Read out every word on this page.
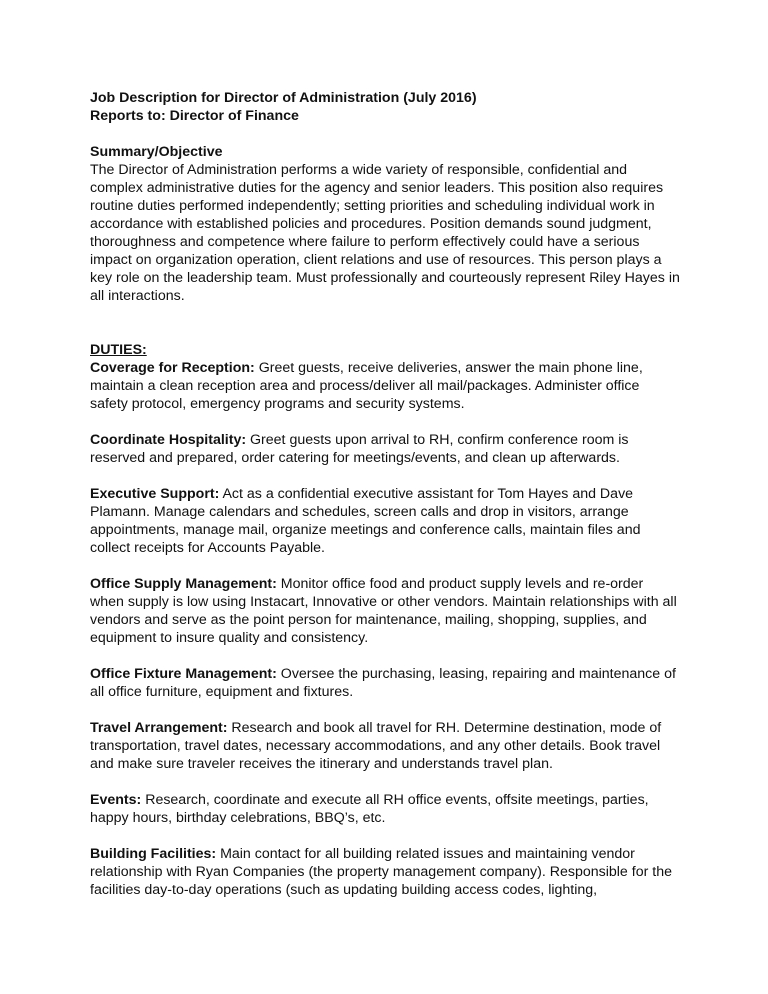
Job Description for Director of Administration (July 2016)

Reports to: Director of Finance

Summary/Objective

The Director of Administration performs a wide variety of responsible, confidential and complex administrative duties for the agency and senior leaders. This position also requires routine duties performed independently; setting priorities and scheduling individual work in accordance with established policies and procedures. Position demands sound judgment, thoroughness and competence where failure to perform effectively could have a serious impact on organization operation, client relations and use of resources. This person plays a key role on the leadership team. Must professionally and courteously represent Riley Hayes in all interactions.

DUTIES:

Coverage for Reception: Greet guests, receive deliveries, answer the main phone line, maintain a clean reception area and process/deliver all mail/packages. Administer office safety protocol, emergency programs and security systems.

Coordinate Hospitality: Greet guests upon arrival to RH, confirm conference room is reserved and prepared, order catering for meetings/events, and clean up afterwards.

Executive Support: Act as a confidential executive assistant for Tom Hayes and Dave Plamann. Manage calendars and schedules, screen calls and drop in visitors, arrange appointments, manage mail, organize meetings and conference calls, maintain files and collect receipts for Accounts Payable.

Office Supply Management: Monitor office food and product supply levels and re-order when supply is low using Instacart, Innovative or other vendors. Maintain relationships with all vendors and serve as the point person for maintenance, mailing, shopping, supplies, and equipment to insure quality and consistency.

Office Fixture Management: Oversee the purchasing, leasing, repairing and maintenance of all office furniture, equipment and fixtures.

Travel Arrangement: Research and book all travel for RH. Determine destination, mode of transportation, travel dates, necessary accommodations, and any other details. Book travel and make sure traveler receives the itinerary and understands travel plan.

Events: Research, coordinate and execute all RH office events, offsite meetings, parties, happy hours, birthday celebrations, BBQ’s, etc.

Building Facilities: Main contact for all building related issues and maintaining vendor relationship with Ryan Companies (the property management company). Responsible for the facilities day-to-day operations (such as updating building access codes, lighting,
